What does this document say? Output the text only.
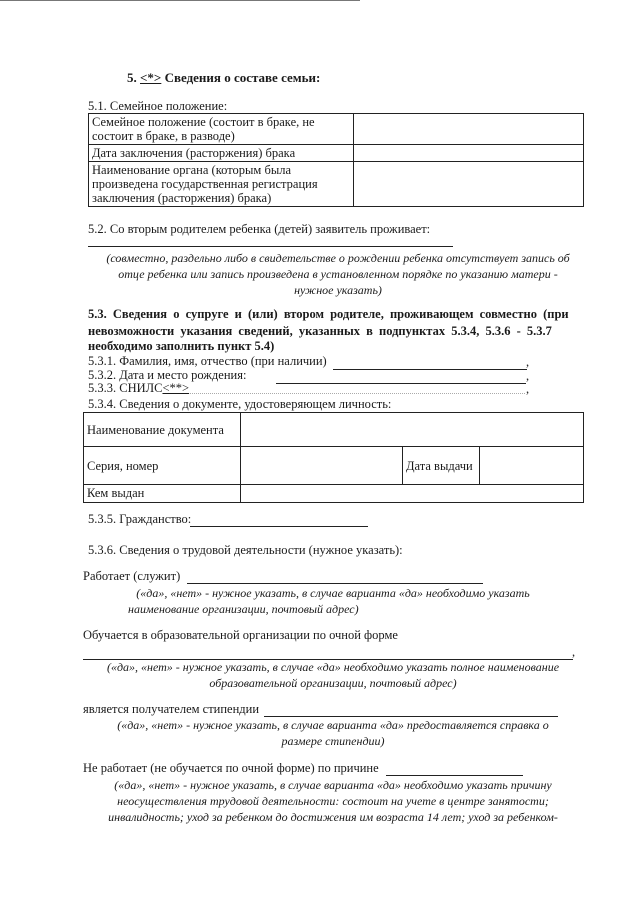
5. <*> Сведения о составе семьи:
5.1. Семейное положение:
Семейное положение (состоит в браке, не состоит в браке, в разводе)	
Дата заключения (расторжения) брака	
Наименование органа (которым была произведена государственная регистрация заключения (расторжения) брака)	
5.2. Со вторым родителем ребенка (детей) заявитель проживает:
(совместно, раздельно либо в свидетельстве о рождении ребенка отсутствует запись об
отце ребенка или запись произведена в установленном порядке по указанию матери -
нужное указать)
5.3. Сведения о супруге и (или) втором родителе, проживающем совместно (при
невозможности указания сведений, указанных в подпунктах 5.3.4, 5.3.6 - 5.3.7
необходимо заполнить пункт 5.4)
5.3.1. Фамилия, имя, отчество (при наличии)	,
5.3.2. Дата и место рождения:	,
5.3.3. СНИЛС<**>	,
5.3.4. Сведения о документе, удостоверяющем личность:
Наименование документа			
Серия, номер		Дата выдачи	
Кем выдан			
5.3.5. Гражданство:
5.3.6. Сведения о трудовой деятельности (нужное указать):
Работает (служит)
(«да», «нет» - нужное указать, в случае варианта «да» необходимо указать
наименование организации, почтовый адрес)
Обучается в образовательной организации по очной форме
,
(«да», «нет» - нужное указать, в случае «да» необходимо указать полное наименование
образовательной организации, почтовый адрес)
является получателем стипендии
(«да», «нет» - нужное указать, в случае варианта «да» предоставляется справка о
размере стипендии)
Не работает (не обучается по очной форме) по причине
(«да», «нет» - нужное указать, в случае варианта «да» необходимо указать причину
неосуществления трудовой деятельности: состоит на учете в центре занятости;
инвалидность; уход за ребенком до достижения им возраста 14 лет; уход за ребенком-
